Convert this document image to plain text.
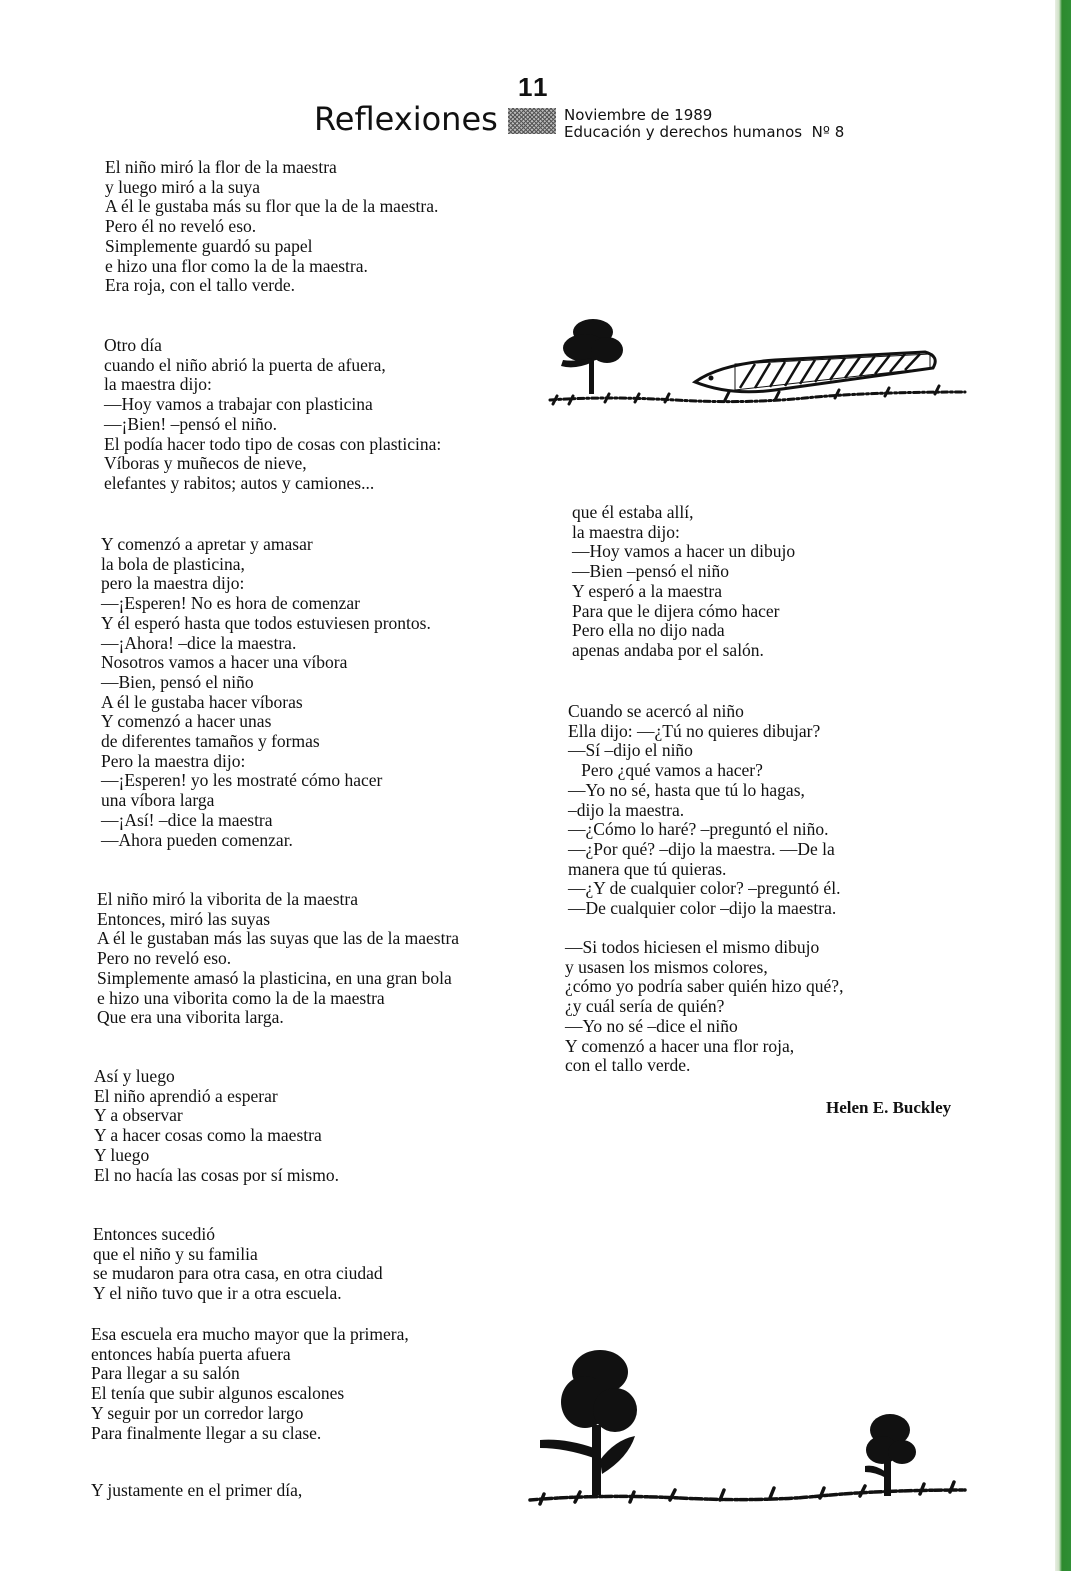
11
Reflexiones	Noviembre de 1989
Educación y derechos humanos  Nº 8

El niño miró la flor de la maestra
y luego miró a la suya
A él le gustaba más su flor que la de la maestra.
Pero él no reveló eso.
Simplemente guardó su papel
e hizo una flor como la de la maestra.
Era roja, con el tallo verde.

Otro día
cuando el niño abrió la puerta de afuera,
la maestra dijo:
—Hoy vamos a trabajar con plasticina
—¡Bien! –pensó el niño.
El podía hacer todo tipo de cosas con plasticina:
Víboras y muñecos de nieve,
elefantes y rabitos; autos y camiones...

Y comenzó a apretar y amasar
la bola de plasticina,
pero la maestra dijo:
—¡Esperen! No es hora de comenzar
Y él esperó hasta que todos estuviesen prontos.
—¡Ahora! –dice la maestra.
Nosotros vamos a hacer una víbora
—Bien, pensó el niño
A él le gustaba hacer víboras
Y comenzó a hacer unas
de diferentes tamaños y formas
Pero la maestra dijo:
—¡Esperen! yo les mostraté cómo hacer
una víbora larga
—¡Así! –dice la maestra
—Ahora pueden comenzar.

El niño miró la viborita de la maestra
Entonces, miró las suyas
A él le gustaban más las suyas que las de la maestra
Pero no reveló eso.
Simplemente amasó la plasticina, en una gran bola
e hizo una viborita como la de la maestra
Que era una viborita larga.

Así y luego
El niño aprendió a esperar
Y a observar
Y a hacer cosas como la maestra
Y luego
El no hacía las cosas por sí mismo.

Entonces sucedió
que el niño y su familia
se mudaron para otra casa, en otra ciudad
Y el niño tuvo que ir a otra escuela.

Esa escuela era mucho mayor que la primera,
entonces había puerta afuera
Para llegar a su salón
El tenía que subir algunos escalones
Y seguir por un corredor largo
Para finalmente llegar a su clase.

Y justamente en el primer día,

que él estaba allí,
la maestra dijo:
—Hoy vamos a hacer un dibujo
—Bien –pensó el niño
Y esperó a la maestra
Para que le dijera cómo hacer
Pero ella no dijo nada
apenas andaba por el salón.

Cuando se acercó al niño
Ella dijo: —¿Tú no quieres dibujar?
—Sí –dijo el niño
Pero ¿qué vamos a hacer?
—Yo no sé, hasta que tú lo hagas,
–dijo la maestra.
—¿Cómo lo haré? –preguntó el niño.
—¿Por qué? –dijo la maestra. —De la
manera que tú quieras.
—¿Y de cualquier color? –preguntó él.
—De cualquier color –dijo la maestra.

—Si todos hiciesen el mismo dibujo
y usasen los mismos colores,
¿cómo yo podría saber quién hizo qué?,
¿y cuál sería de quién?
—Yo no sé –dice el niño
Y comenzó a hacer una flor roja,
con el tallo verde.

Helen E. Buckley
